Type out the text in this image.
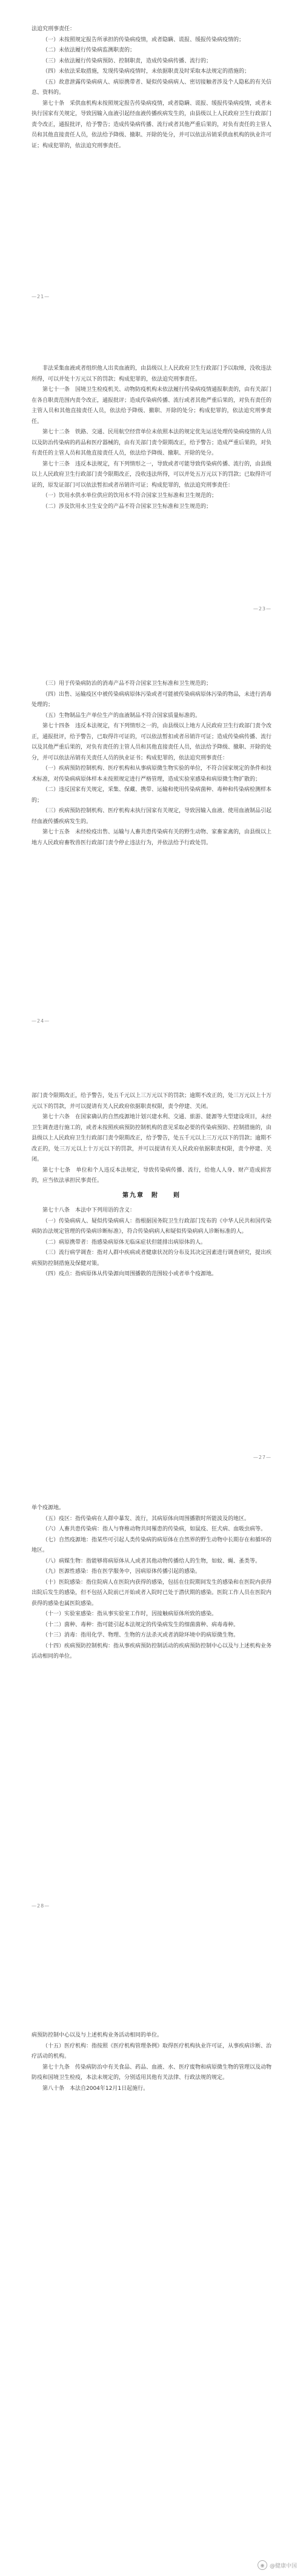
法追究刑事责任：

（一）未按照规定报告所承担的传染病疫情，或者隐瞒、谎报、缓报传染病疫情的；

（二）未依法履行传染病监测职责的；

（三）未依法履行传染病预防、控制职责，造成传染病传播、流行的；

（四）未依法采取措施，发现传染病疫情时，未依据职责及时采取本法规定的措施的；

（五）故意泄露传染病病人、病原携带者、疑似传染病病人、密切接触者涉及个人隐私的有关信息、资料的。

第七十条　采供血机构未按照规定报告传染病疫情，或者隐瞒、谎报、缓报传染病疫情，或者未执行国家有关规定，导致因输入血液引起经血液传播疾病发生的，由县级以上人民政府卫生行政部门责令改正，通报批评，给予警告；造成传染病传播、流行或者其他严重后果的，对负有责任的主管人员和其他直接责任人员，依法给予降级、撤职、开除的处分，并可以依法吊销采供血机构的执业许可证；构成犯罪的，依法追究刑事责任。

—21—

非法采集血液或者组织他人出卖血液的，由县级以上人民政府卫生行政部门予以取缔，没收违法所得，可以并处十万元以下的罚款；构成犯罪的，依法追究刑事责任。

第七十一条　国境卫生检疫机关、动物防疫机构未依法履行传染病疫情通报职责的，由有关部门在各自职责范围内责令改正，通报批评；造成传染病传播、流行或者其他严重后果的，对负有责任的主管人员和其他直接责任人员，依法给予降级、撤职、开除的处分；构成犯罪的，依法追究刑事责任。

第七十二条　铁路、交通、民用航空经营单位未依照本法的规定优先运送处理传染病疫情的人员以及防治传染病的药品和医疗器械的，由有关部门责令限期改正，给予警告；造成严重后果的，对负有责任的主管人员和其他直接责任人员，依法给予降级、撤职、开除的处分。

第七十三条　违反本法规定，有下列情形之一，导致或者可能导致传染病传播、流行的，由县级以上人民政府卫生行政部门责令限期改正，没收违法所得，可以并处五万元以下的罚款；已取得许可证的，原发证部门可以依法暂扣或者吊销许可证；构成犯罪的，依法追究刑事责任：

（一）饮用水供水单位供应的饮用水不符合国家卫生标准和卫生规范的；

（二）涉及饮用水卫生安全的产品不符合国家卫生标准和卫生规范的；

—23—

（三）用于传染病防治的消毒产品不符合国家卫生标准和卫生规范的；

（四）出售、运输疫区中被传染病病原体污染或者可能被传染病病原体污染的物品，未进行消毒处理的；

（五）生物制品生产单位生产的血液制品不符合国家质量标准的。

第七十四条　违反本法规定，有下列情形之一的，由县级以上地方人民政府卫生行政部门责令改正，通报批评，给予警告，已取得许可证的，可以依法暂扣或者吊销许可证；造成传染病传播、流行以及其他严重后果的，对负有责任的主管人员和其他直接责任人员，依法给予降级、撤职、开除的处分，并可以依法吊销有关责任人员的执业证书；构成犯罪的，依法追究刑事责任：

（一）疾病预防控制机构、医疗机构和从事病原微生物实验的单位，不符合国家规定的条件和技术标准，对传染病病原体样本未按照规定进行严格管理，造成实验室感染和病原微生物扩散的；

（二）违反国家有关规定，采集、保藏、携带、运输和使用传染病菌种、毒种和传染病检测样本的；

（三）疾病预防控制机构、医疗机构未执行国家有关规定，导致因输入血液、使用血液制品引起经血液传播疾病发生的。

第七十五条　未经检疫出售、运输与人畜共患传染病有关的野生动物、家畜家禽的，由县级以上地方人民政府畜牧兽医行政部门责令停止违法行为，并依法给予行政处罚。

—24—

部门责令限期改正，给予警告，处五千元以上三万元以下的罚款；逾期不改正的，处三万元以上十万元以下的罚款，并可以提请有关人民政府依据职责权限，责令停建、关闭。

第七十六条　在国家确认的自然疫源地计划兴建水利、交通、旅游、能源等大型建设项目，未经卫生调查进行施工的，或者未按照疾病预防控制机构的意见采取必要的传染病预防、控制措施的，由县级以上人民政府卫生行政部门责令限期改正，给予警告，处五千元以上三万元以下的罚款；逾期不改正的，处三万元以上十万元以下的罚款，并可以提请有关人民政府依据职责权限，责令停建、关闭。

第七十七条　单位和个人违反本法规定，导致传染病传播、流行，给他人人身、财产造成损害的，应当依法承担民事责任。

第九章　附　　则

第七十八条　本法中下列用语的含义：

（一）传染病病人、疑似传染病病人：指根据国务院卫生行政部门发布的《中华人民共和国传染病防治法规定管理的传染病诊断标准》，符合传染病病人和疑似传染病病人诊断标准的人。

（二）病原携带者：指感染病原体无临床症状但能排出病原体的人。

（三）流行病学调查：指对人群中疾病或者健康状况的分布及其决定因素进行调查研究，提出疾病预防控制措施及保健对策。

（四）疫点：指病原体从传染源向周围播散的范围较小或者单个疫源地。

—27—

单个疫源地。

（五）疫区：指传染病在人群中暴发、流行，其病原体向周围播散时所能波及的地区。

（六）人畜共患传染病：指人与脊椎动物共同罹患的传染病，如鼠疫、狂犬病、血吸虫病等。

（七）自然疫源地：指某些可引起人类传染病的病原体在自然界的野生动物中长期存在和循环的地区。

（八）病媒生物：指能够将病原体从人或者其他动物传播给人的生物，如蚊、蝇、蚤类等。

（九）医源性感染：指在医学服务中，因病原体传播引起的感染。

（十）医院感染：指住院病人在医院内获得的感染，包括在住院期间发生的感染和在医院内获得出院后发生的感染，但不包括入院前已开始或者入院时已处于潜伏期的感染。医院工作人员在医院内获得的感染也属医院感染。

（十一）实验室感染：指从事实验室工作时，因接触病原体所致的感染。

（十二）菌种、毒种：指可能引起本法规定的传染病发生的细菌菌种、病毒毒种。

（十三）消毒：指用化学、物理、生物的方法杀灭或者消除环境中的病原微生物。

（十四）疾病预防控制机构：指从事疾病预防控制活动的疾病预防控制中心以及与上述机构业务活动相同的单位。

—28—

病预防控制中心以及与上述机构业务活动相同的单位。

（十五）医疗机构：指按照《医疗机构管理条例》取得医疗机构执业许可证，从事疾病诊断、治疗活动的机构。

第七十九条　传染病防治中有关食品、药品、血液、水、医疗废物和病原微生物的管理以及动物防疫和国境卫生检疫，本法未规定的，分别适用其他有关法律、行政法规的规定。

第八十条　本法自2004年12月1日起施行。

◉ @健康中国
